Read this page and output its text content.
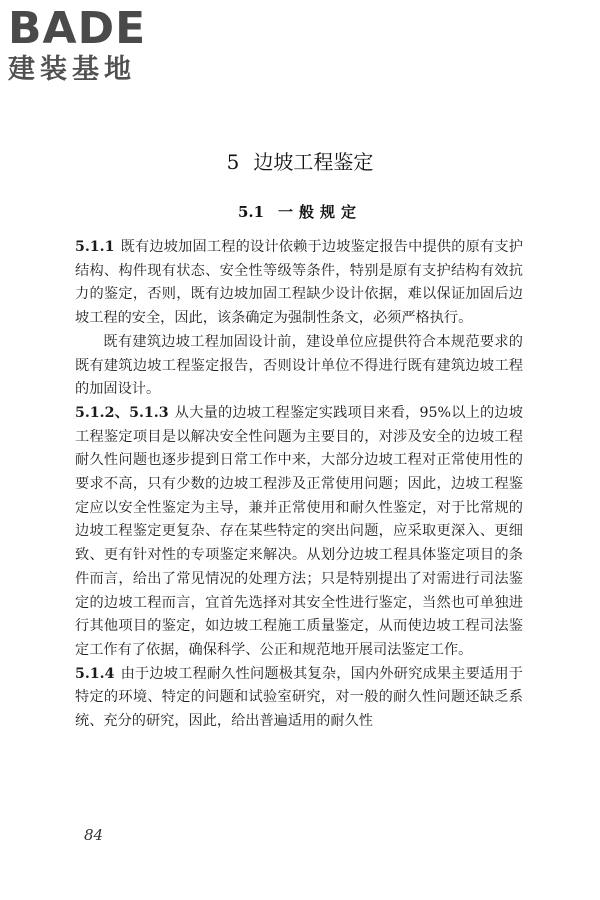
BADE
建装基地
5 边坡工程鉴定
5.1 一般规定

5.1.1 既有边坡加固工程的设计依赖于边坡鉴定报告中提供的原有支护结构、构件现有状态、安全性等级等条件，特别是原有支护结构有效抗力的鉴定，否则，既有边坡加固工程缺少设计依据，难以保证加固后边坡工程的安全，因此，该条确定为强制性条文，必须严格执行。

既有建筑边坡工程加固设计前，建设单位应提供符合本规范要求的既有建筑边坡工程鉴定报告，否则设计单位不得进行既有建筑边坡工程的加固设计。

5.1.2、5.1.3 从大量的边坡工程鉴定实践项目来看，95%以上的边坡工程鉴定项目是以解决安全性问题为主要目的，对涉及安全的边坡工程耐久性问题也逐步提到日常工作中来，大部分边坡工程对正常使用性的要求不高，只有少数的边坡工程涉及正常使用问题；因此，边坡工程鉴定应以安全性鉴定为主导，兼并正常使用和耐久性鉴定，对于比常规的边坡工程鉴定更复杂、存在某些特定的突出问题，应采取更深入、更细致、更有针对性的专项鉴定来解决。从划分边坡工程具体鉴定项目的条件而言，给出了常见情况的处理方法；只是特别提出了对需进行司法鉴定的边坡工程而言，宜首先选择对其安全性进行鉴定，当然也可单独进行其他项目的鉴定，如边坡工程施工质量鉴定，从而使边坡工程司法鉴定工作有了依据，确保科学、公正和规范地开展司法鉴定工作。

5.1.4 由于边坡工程耐久性问题极其复杂，国内外研究成果主要适用于特定的环境、特定的问题和试验室研究，对一般的耐久性问题还缺乏系统、充分的研究，因此，给出普遍适用的耐久性

84
